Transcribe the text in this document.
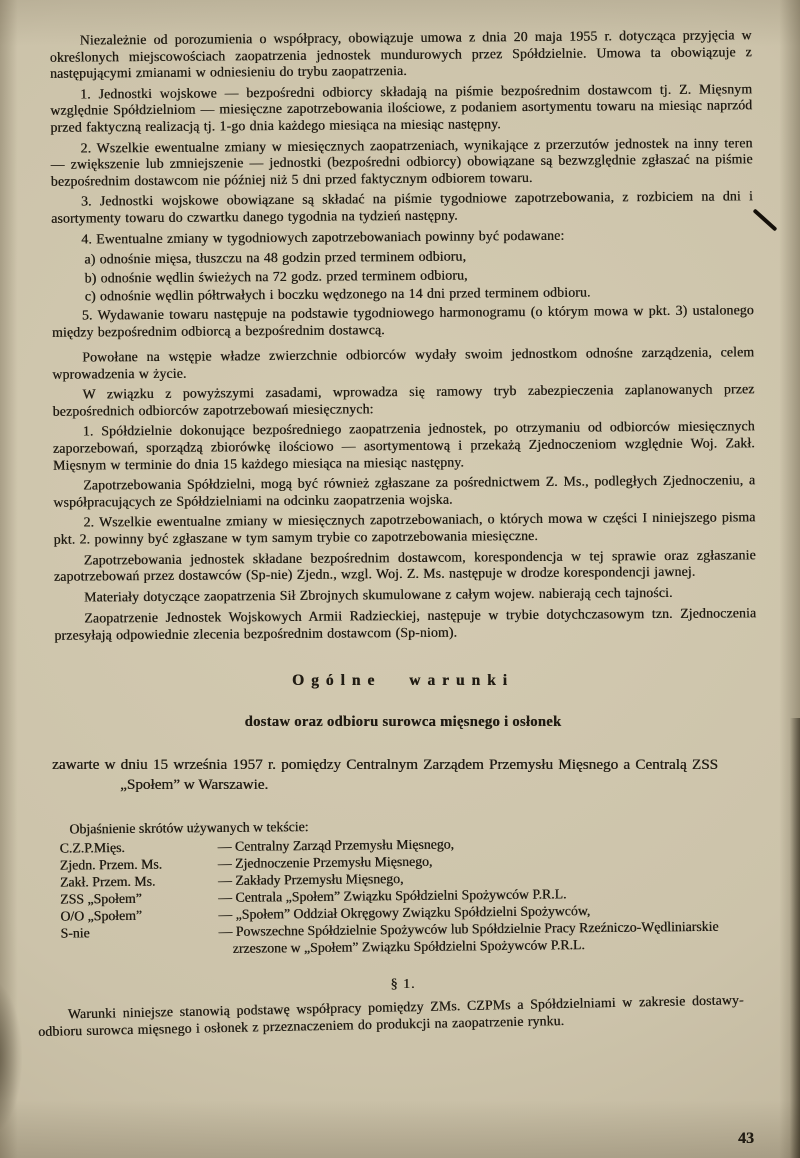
Niezależnie od porozumienia o współpracy, obowiązuje umowa z dnia 20 maja 1955 r. dotycząca przyjęcia w określonych miejscowościach zaopatrzenia jednostek mundurowych przez Spółdzielnie. Umowa ta obowiązuje z następującymi zmianami w odniesieniu do trybu zaopatrzenia.

1. Jednostki wojskowe — bezpośredni odbiorcy składają na piśmie bezpośrednim dostawcom tj. Z. Mięsnym względnie Spółdzielniom — miesięczne zapotrzebowania ilościowe, z podaniem asortymentu towaru na miesiąc naprzód przed faktyczną realizacją tj. 1-go dnia każdego miesiąca na miesiąc następny.

2. Wszelkie ewentualne zmiany w miesięcznych zaopatrzeniach, wynikające z przerzutów jednostek na inny teren — zwiększenie lub zmniejszenie — jednostki (bezpośredni odbiorcy) obowiązane są bezwzględnie zgłaszać na piśmie bezpośrednim dostawcom nie później niż 5 dni przed faktycznym odbiorem towaru.

3. Jednostki wojskowe obowiązane są składać na piśmie tygodniowe zapotrzebowania, z rozbiciem na dni i asortymenty towaru do czwartku danego tygodnia na tydzień następny.

4. Ewentualne zmiany w tygodniowych zapotrzebowaniach powinny być podawane:

a) odnośnie mięsa, tłuszczu na 48 godzin przed terminem odbioru,

b) odnośnie wędlin świeżych na 72 godz. przed terminem odbioru,

c) odnośnie wędlin półtrwałych i boczku wędzonego na 14 dni przed terminem odbioru.

5. Wydawanie towaru następuje na podstawie tygodniowego harmonogramu (o którym mowa w pkt. 3) ustalonego między bezpośrednim odbiorcą a bezpośrednim dostawcą.

Powołane na wstępie władze zwierzchnie odbiorców wydały swoim jednostkom odnośne zarządzenia, celem wprowadzenia w życie.

W związku z powyższymi zasadami, wprowadza się ramowy tryb zabezpieczenia zaplanowanych przez bezpośrednich odbiorców zapotrzebowań miesięcznych:

1. Spółdzielnie dokonujące bezpośredniego zaopatrzenia jednostek, po otrzymaniu od odbiorców miesięcznych zaporzebowań, sporządzą zbiorówkę ilościowo — asortymentową i przekażą Zjednoczeniom względnie Woj. Zakł. Mięsnym w terminie do dnia 15 każdego miesiąca na miesiąc następny.

Zapotrzebowania Spółdzielni, mogą być również zgłaszane za pośrednictwem Z. Ms., podległych Zjednoczeniu, a współpracujących ze Spółdzielniami na odcinku zaopatrzenia wojska.

2. Wszelkie ewentualne zmiany w miesięcznych zapotrzebowaniach, o których mowa w części I niniejszego pisma pkt. 2. powinny być zgłaszane w tym samym trybie co zapotrzebowania miesięczne.

Zapotrzebowania jednostek składane bezpośrednim dostawcom, korespondencja w tej sprawie oraz zgłaszanie zapotrzebowań przez dostawców (Sp-nie) Zjedn., wzgl. Woj. Z. Ms. następuje w drodze korespondencji jawnej.

Materiały dotyczące zaopatrzenia Sił Zbrojnych skumulowane z całym wojew. nabierają cech tajności.

Zaopatrzenie Jednostek Wojskowych Armii Radzieckiej, następuje w trybie dotychczasowym tzn. Zjednoczenia przesyłają odpowiednie zlecenia bezpośrednim dostawcom (Sp-niom).

Ogólne warunki
dostaw oraz odbioru surowca mięsnego i osłonek

zawarte w dniu 15 września 1957 r. pomiędzy Centralnym Zarządem Przemysłu Mięsnego a Centralą ZSS „Społem” w Warszawie.

Objaśnienie skrótów używanych w tekście:

C.Z.P.Mięs.	— Centralny Zarząd Przemysłu Mięsnego,
Zjedn. Przem. Ms.	— Zjednoczenie Przemysłu Mięsnego,
Zakł. Przem. Ms.	— Zakłady Przemysłu Mięsnego,
ZSS „Społem”	— Centrala „Społem” Związku Spółdzielni Spożywców P.R.L.
O/O „Społem”	— „Społem” Oddział Okręgowy Związku Spółdzielni Spożywców,
S-nie	— Powszechne Spółdzielnie Spożywców lub Spółdzielnie Pracy Rzeźniczo-Wędliniarskie zrzeszone w „Społem” Związku Spółdzielni Spożywców P.R.L.
§ 1.

Warunki niniejsze stanowią podstawę współpracy pomiędzy ZMs. CZPMs a Spółdzielniami w zakresie dostawy-odbioru surowca mięsnego i osłonek z przeznaczeniem do produkcji na zaopatrzenie rynku.

43
